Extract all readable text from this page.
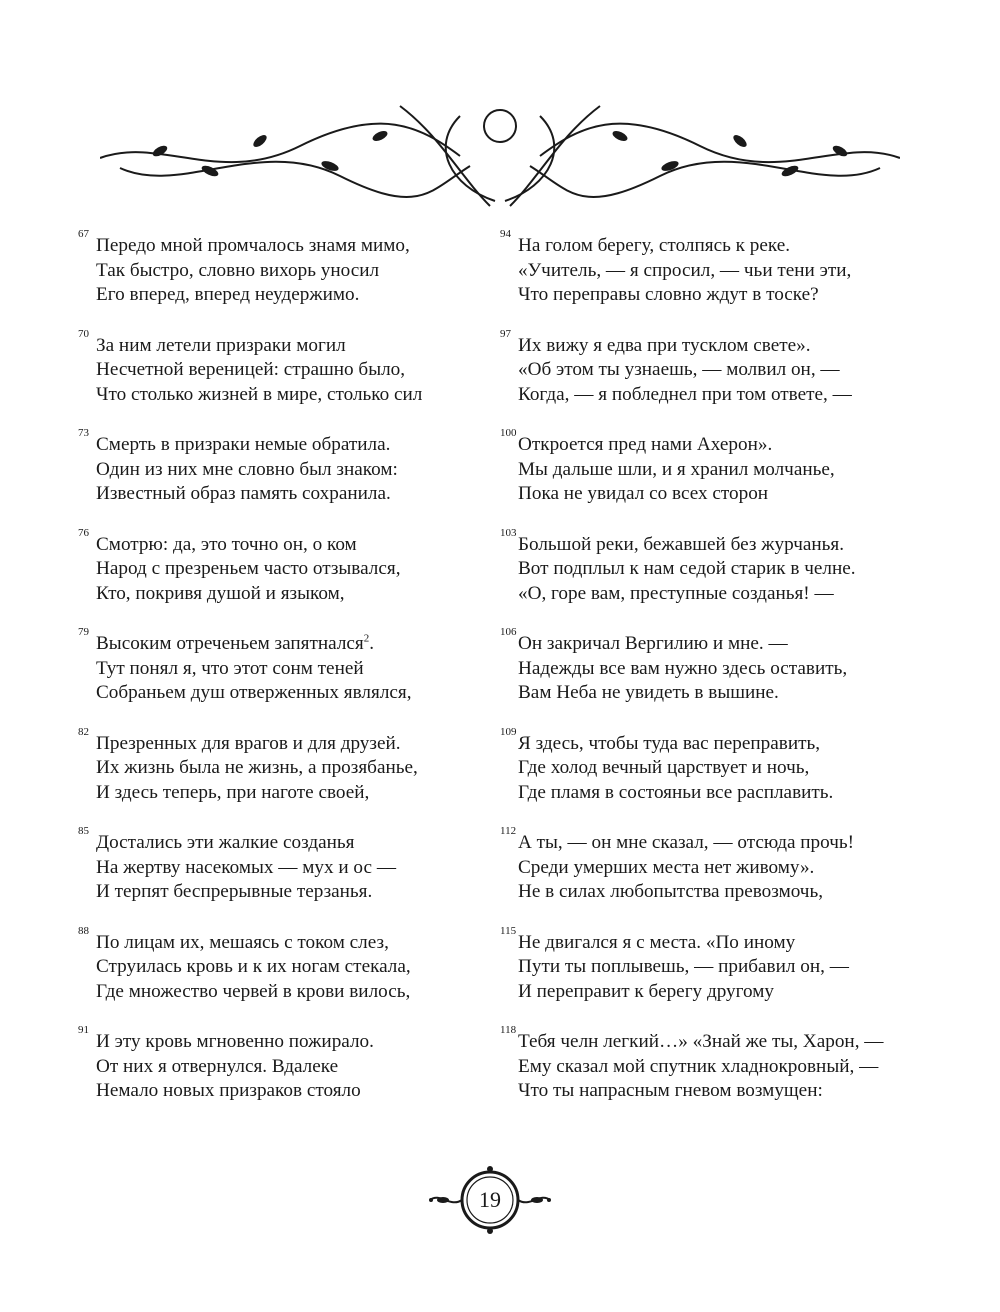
67
Передо мной промчалось знамя мимо,
Так быстро, словно вихорь уносил
Его вперед, вперед неудержимо.
70
За ним летели призраки могил
Несчетной вереницей: страшно было,
Что столько жизней в мире, столько сил
73
Смерть в призраки немые обратила.
Один из них мне словно был знаком:
Известный образ память сохранила.
76
Смотрю: да, это точно он, о ком
Народ с презреньем часто отзывался,
Кто, покривя душой и языком,
79
Высоким отреченьем запятнался$^2$.
Тут понял я, что этот сонм теней
Собраньем душ отверженных являлся,
82
Презренных для врагов и для друзей.
Их жизнь была не жизнь, а прозябанье,
И здесь теперь, при наготе своей,
85
Достались эти жалкие созданья
На жертву насекомых — мух и ос —
И терпят беспрерывные терзанья.
88
По лицам их, мешаясь с током слез,
Струилась кровь и к их ногам стекала,
Где множество червей в крови вилось,
91
И эту кровь мгновенно пожирало.
От них я отвернулся. Вдалеке
Немало новых призраков стояло
94
На голом берегу, столпясь к реке.
«Учитель, — я спросил, — чьи тени эти,
Что переправы словно ждут в тоске?
97
Их вижу я едва при тусклом свете».
«Об этом ты узнаешь, — молвил он, —
Когда, — я побледнел при том ответе, —
100
Откроется пред нами Ахерон».
Мы дальше шли, и я хранил молчанье,
Пока не увидал со всех сторон
103
Большой реки, бежавшей без журчанья.
Вот подплыл к нам седой старик в челне.
«О, горе вам, преступные созданья! —
106
Он закричал Вергилию и мне. —
Надежды все вам нужно здесь оставить,
Вам Неба не увидеть в вышине.
109
Я здесь, чтобы туда вас переправить,
Где холод вечный царствует и ночь,
Где пламя в состояньи все расплавить.
112
А ты, — он мне сказал, — отсюда прочь!
Среди умерших места нет живому».
Не в силах любопытства превозмочь,
115
Не двигался я с места. «По иному
Пути ты поплывешь, — прибавил он, —
И переправит к берегу другому
118
Тебя челн легкий…» «Знай же ты, Харон, —
Ему сказал мой спутник хладнокровный, —
Что ты напрасным гневом возмущен:
19
